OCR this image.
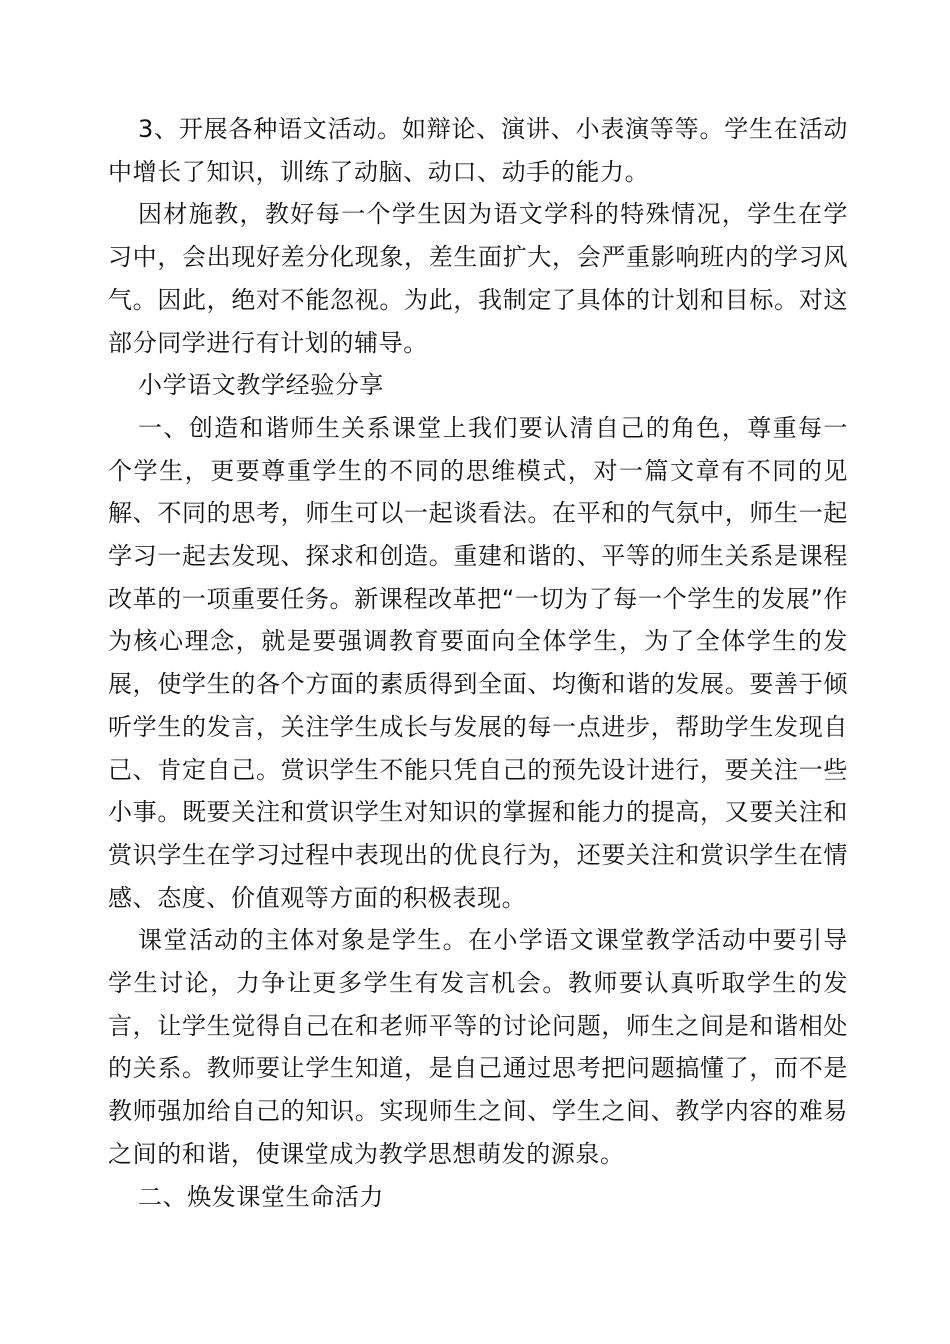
3、开展各种语文活动。如辩论、演讲、小表演等等。学生在活动中增长了知识，训练了动脑、动口、动手的能力。

因材施教，教好每一个学生因为语文学科的特殊情况，学生在学习中，会出现好差分化现象，差生面扩大，会严重影响班内的学习风气。因此，绝对不能忽视。为此，我制定了具体的计划和目标。对这部分同学进行有计划的辅导。

小学语文教学经验分享

一、创造和谐师生关系课堂上我们要认清自己的角色，尊重每一个学生，更要尊重学生的不同的思维模式，对一篇文章有不同的见解、不同的思考，师生可以一起谈看法。在平和的气氛中，师生一起学习一起去发现、探求和创造。重建和谐的、平等的师生关系是课程改革的一项重要任务。新课程改革把“一切为了每一个学生的发展”作为核心理念，就是要强调教育要面向全体学生，为了全体学生的发展，使学生的各个方面的素质得到全面、均衡和谐的发展。要善于倾听学生的发言，关注学生成长与发展的每一点进步，帮助学生发现自己、肯定自己。赏识学生不能只凭自己的预先设计进行，要关注一些小事。既要关注和赏识学生对知识的掌握和能力的提高，又要关注和赏识学生在学习过程中表现出的优良行为，还要关注和赏识学生在情感、态度、价值观等方面的积极表现。

课堂活动的主体对象是学生。在小学语文课堂教学活动中要引导学生讨论，力争让更多学生有发言机会。教师要认真听取学生的发言，让学生觉得自己在和老师平等的讨论问题，师生之间是和谐相处的关系。教师要让学生知道，是自己通过思考把问题搞懂了，而不是教师强加给自己的知识。实现师生之间、学生之间、教学内容的难易之间的和谐，使课堂成为教学思想萌发的源泉。

二、焕发课堂生命活力
